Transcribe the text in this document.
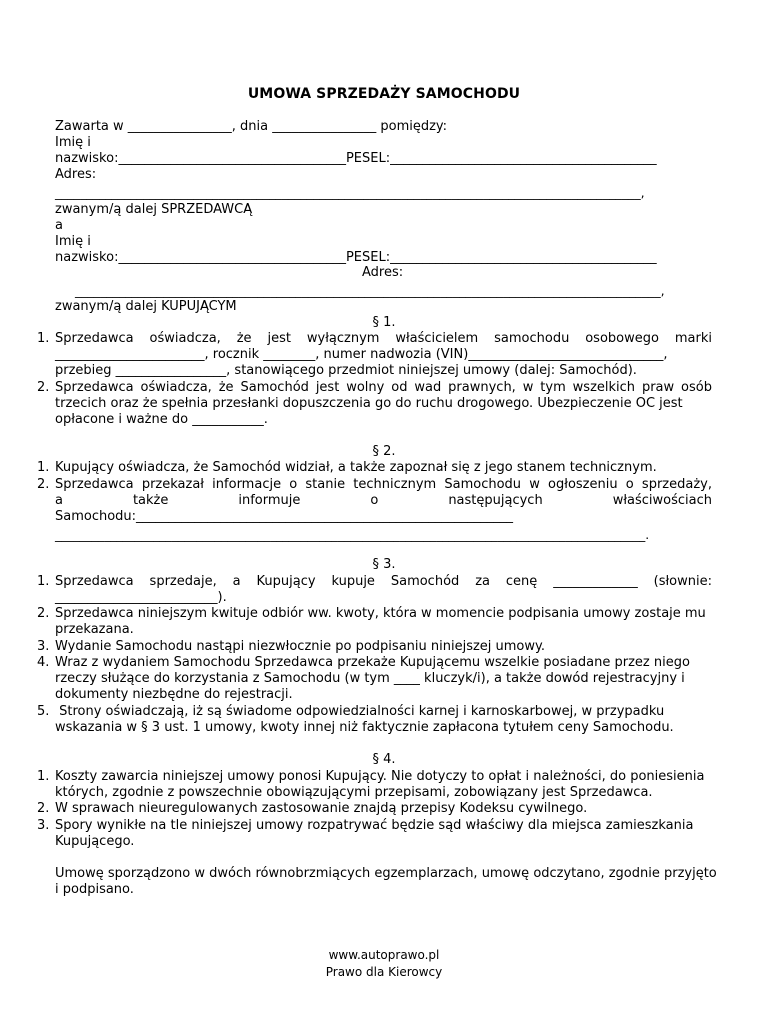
UMOWA SPRZEDAŻY SAMOCHODU
Zawarta w ________________, dnia ________________ pomiędzy:
Imię i
nazwisko:___________________________________PESEL:_________________________________________
Adres:
_____________________________________________________________________________________________,
zwanym/ą dalej SPRZEDAWCĄ
a
Imię i
nazwisko:___________________________________PESEL:_________________________________________
Adres:
_____________________________________________________________________________________________,
zwanym/ą dalej KUPUJĄCYM
§ 1.
1. Sprzedawca oświadcza, że jest wyłącznym właścicielem samochodu osobowego marki
_______________________, rocznik ________, numer nadwozia (VIN)______________________________,
przebieg _________________, stanowiącego przedmiot niniejszej umowy (dalej: Samochód).
2. Sprzedawca oświadcza, że Samochód jest wolny od wad prawnych, w tym wszelkich praw osób
trzecich oraz że spełnia przesłanki dopuszczenia go do ruchu drogowego. Ubezpieczenie OC jest
opłacone i ważne do ___________.
§ 2.
1. Kupujący oświadcza, że Samochód widział, a także zapoznał się z jego stanem technicznym.
2. Sprzedawca przekazał informacje o stanie technicznym Samochodu w ogłoszeniu o sprzedaży,
a także informuje o następujących właściwościach
Samochodu:__________________________________________________________
________________________________________________________________________________________________.
§ 3.
1. Sprzedawca sprzedaje, a Kupujący kupuje Samochód za cenę _____________ (słownie:
_________________________).
2. Sprzedawca niniejszym kwituje odbiór ww. kwoty, która w momencie podpisania umowy zostaje mu
przekazana.
3. Wydanie Samochodu nastąpi niezwłocznie po podpisaniu niniejszej umowy.
4. Wraz z wydaniem Samochodu Sprzedawca przekaże Kupującemu wszelkie posiadane przez niego
rzeczy służące do korzystania z Samochodu (w tym ____ kluczyk/i), a także dowód rejestracyjny i
dokumenty niezbędne do rejestracji.
5. Strony oświadczają, iż są świadome odpowiedzialności karnej i karnoskarbowej, w przypadku
wskazania w § 3 ust. 1 umowy, kwoty innej niż faktycznie zapłacona tytułem ceny Samochodu.
§ 4.
1. Koszty zawarcia niniejszej umowy ponosi Kupujący. Nie dotyczy to opłat i należności, do poniesienia
których, zgodnie z powszechnie obowiązującymi przepisami, zobowiązany jest Sprzedawca.
2. W sprawach nieuregulowanych zastosowanie znajdą przepisy Kodeksu cywilnego.
3. Spory wynikłe na tle niniejszej umowy rozpatrywać będzie sąd właściwy dla miejsca zamieszkania
Kupującego.
Umowę sporządzono w dwóch równobrzmiących egzemplarzach, umowę odczytano, zgodnie przyjęto
i podpisano.
www.autoprawo.pl
Prawo dla Kierowcy
